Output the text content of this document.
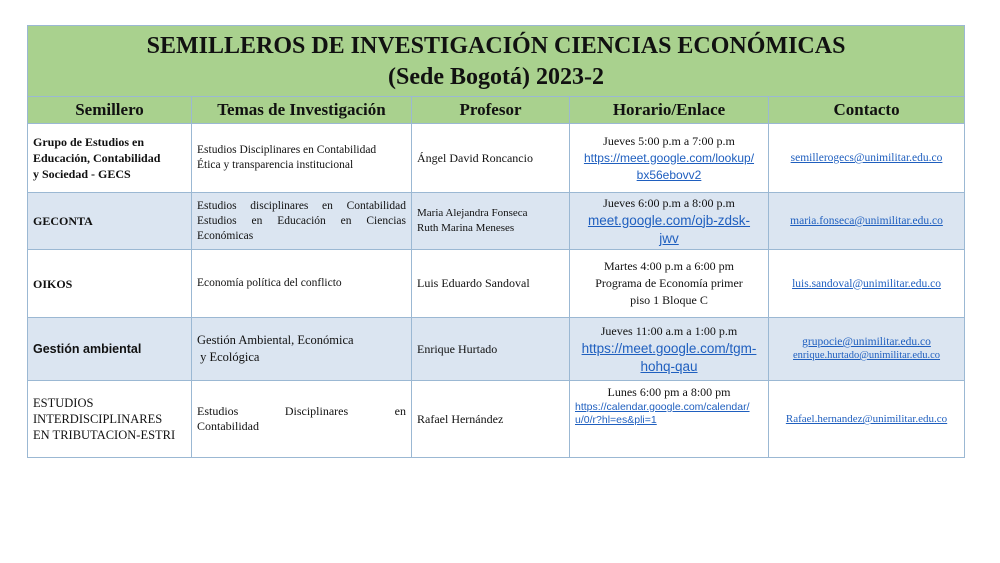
SEMILLEROS DE INVESTIGACIÓN CIENCIAS ECONÓMICAS
(Sede Bogotá) 2023-2				

Semillero	Temas de Investigación	Profesor	Horario/Enlace	Contacto

Grupo de Estudios en
Educación, Contabilidad
y Sociedad - GECS	Estudios Disciplinares en Contabilidad
Ética y transparencia institucional	Ángel David Roncancio	Jueves 5:00 p.m a 7:00 p.m
https://meet.google.com/lookup/
bx56ebovv2	semillerogecs@unimilitar.edu.co

GECONTA	Estudios disciplinares en Contabilidad
Estudios en Educación en Ciencias
Económicas	Maria Alejandra Fonseca
Ruth Marina Meneses	Jueves 6:00 p.m a 8:00 p.m
meet.google.com/ojb-zdsk-
jwv	maria.fonseca@unimilitar.edu.co

OIKOS	Economía política del conflicto	Luis Eduardo Sandoval	Martes 4:00 p.m a 6:00 pm
Programa de Economía primer
piso 1 Bloque C	luis.sandoval@unimilitar.edu.co

Gestión ambiental	Gestión Ambiental, Económica
y Ecológica	Enrique Hurtado	Jueves 11:00 a.m a 1:00 p.m
https://meet.google.com/tgm-
hohq-qau	grupocie@unimilitar.edu.co
enrique.hurtado@unimilitar.edu.co

ESTUDIOS
INTERDISCIPLINARES
EN TRIBUTACION-ESTRI	Estudios Disciplinares en
Contabilidad	Rafael Hernández	Lunes 6:00 pm a 8:00 pm
https://calendar.google.com/calendar/
u/0/r?hl=es&pli=1	Rafael.hernandez@unimilitar.edu.co
